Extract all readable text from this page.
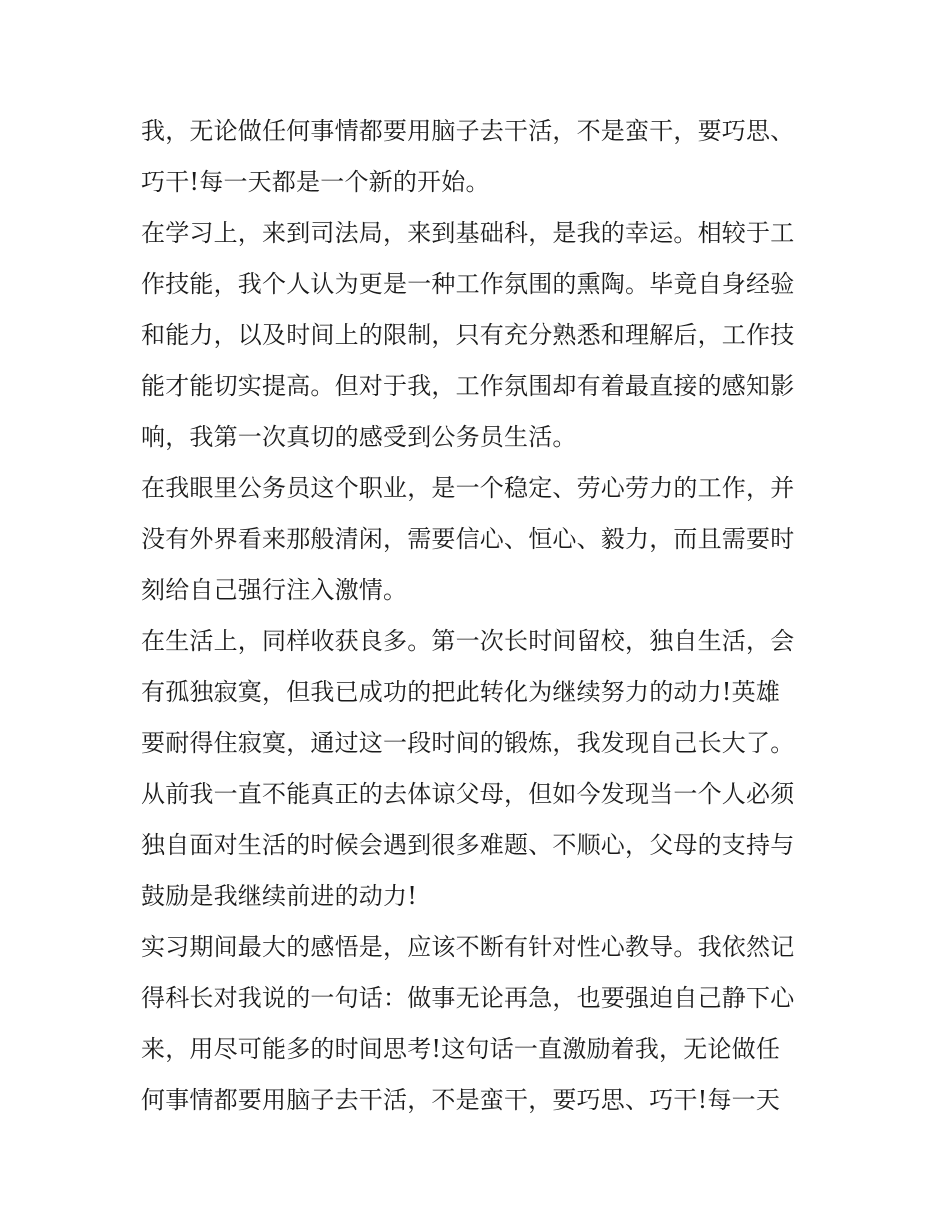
我，无论做任何事情都要用脑子去干活，不是蛮干，要巧思、
巧干!每一天都是一个新的开始。
在学习上，来到司法局，来到基础科，是我的幸运。相较于工
作技能，我个人认为更是一种工作氛围的熏陶。毕竟自身经验
和能力，以及时间上的限制，只有充分熟悉和理解后，工作技
能才能切实提高。但对于我，工作氛围却有着最直接的感知影
响，我第一次真切的感受到公务员生活。
在我眼里公务员这个职业，是一个稳定、劳心劳力的工作，并
没有外界看来那般清闲，需要信心、恒心、毅力，而且需要时
刻给自己强行注入激情。
在生活上，同样收获良多。第一次长时间留校，独自生活，会
有孤独寂寞，但我已成功的把此转化为继续努力的动力!英雄
要耐得住寂寞，通过这一段时间的锻炼，我发现自己长大了。
从前我一直不能真正的去体谅父母，但如今发现当一个人必须
独自面对生活的时候会遇到很多难题、不顺心，父母的支持与
鼓励是我继续前进的动力!
实习期间最大的感悟是，应该不断有针对性心教导。我依然记
得科长对我说的一句话：做事无论再急，也要强迫自己静下心
来，用尽可能多的时间思考!这句话一直激励着我，无论做任
何事情都要用脑子去干活，不是蛮干，要巧思、巧干!每一天
